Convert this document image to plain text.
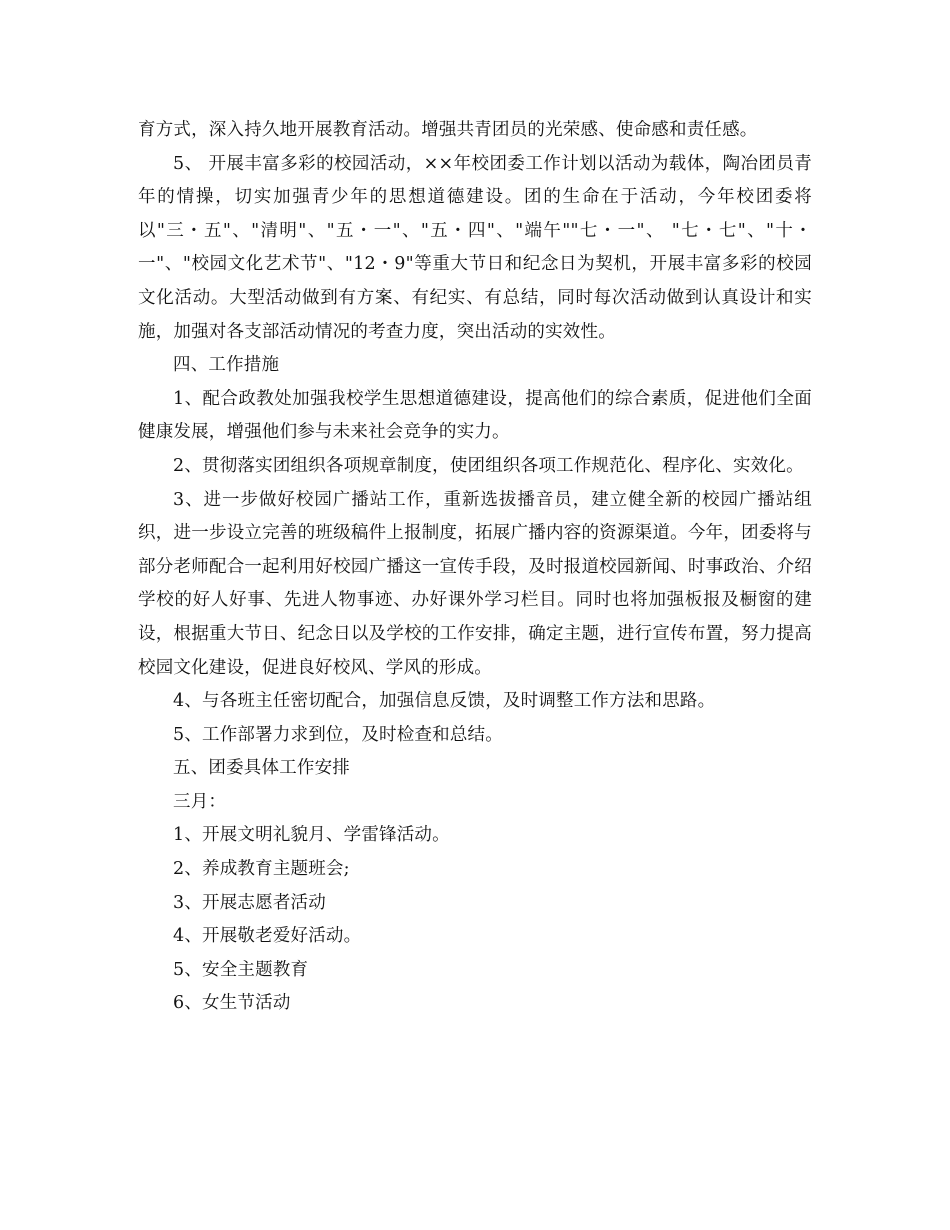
育方式，深入持久地开展教育活动。增强共青团员的光荣感、使命感和责任感。

5、 开展丰富多彩的校园活动，××年校团委工作计划以活动为载体，陶冶团员青年的情操，切实加强青少年的思想道德建设。团的生命在于活动，今年校团委将以"三・五"、"清明"、"五・一"、"五・四"、"端午""七・一"、 "七・七"、"十・一"、"校园文化艺术节"、"12・9"等重大节日和纪念日为契机，开展丰富多彩的校园文化活动。大型活动做到有方案、有纪实、有总结，同时每次活动做到认真设计和实施，加强对各支部活动情况的考查力度，突出活动的实效性。

四、工作措施

1、配合政教处加强我校学生思想道德建设，提高他们的综合素质，促进他们全面健康发展，增强他们参与未来社会竞争的实力。

2、贯彻落实团组织各项规章制度，使团组织各项工作规范化、程序化、实效化。

3、进一步做好校园广播站工作，重新选拔播音员，建立健全新的校园广播站组织，进一步设立完善的班级稿件上报制度，拓展广播内容的资源渠道。今年，团委将与部分老师配合一起利用好校园广播这一宣传手段，及时报道校园新闻、时事政治、介绍学校的好人好事、先进人物事迹、办好课外学习栏目。同时也将加强板报及橱窗的建设，根据重大节日、纪念日以及学校的工作安排，确定主题，进行宣传布置，努力提高校园文化建设，促进良好校风、学风的形成。

4、与各班主任密切配合，加强信息反馈，及时调整工作方法和思路。

5、工作部署力求到位，及时检查和总结。

五、团委具体工作安排

三月：

1、开展文明礼貌月、学雷锋活动。

2、养成教育主题班会;

3、开展志愿者活动

4、开展敬老爱好活动。

5、安全主题教育

6、女生节活动
